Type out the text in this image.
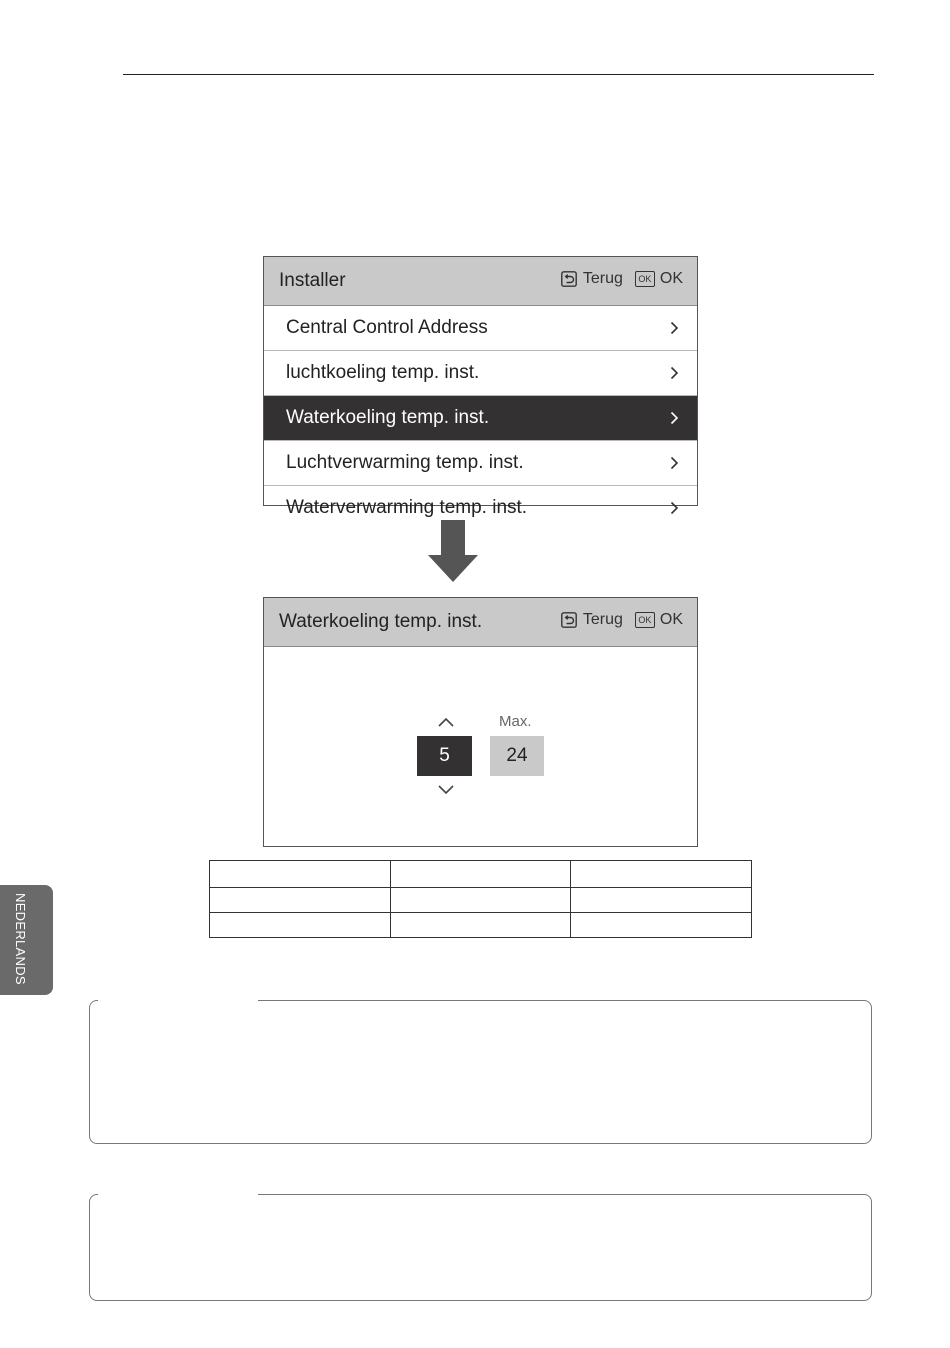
Installer	Terug	OK OK
Central Control Address
luchtkoeling temp. inst.
Waterkoeling temp. inst.
Luchtverwarming temp. inst.
Waterverwarming temp. inst.
Waterkoeling temp. inst.	Terug	OK OK
5
Max.
24

NEDERLANDS
